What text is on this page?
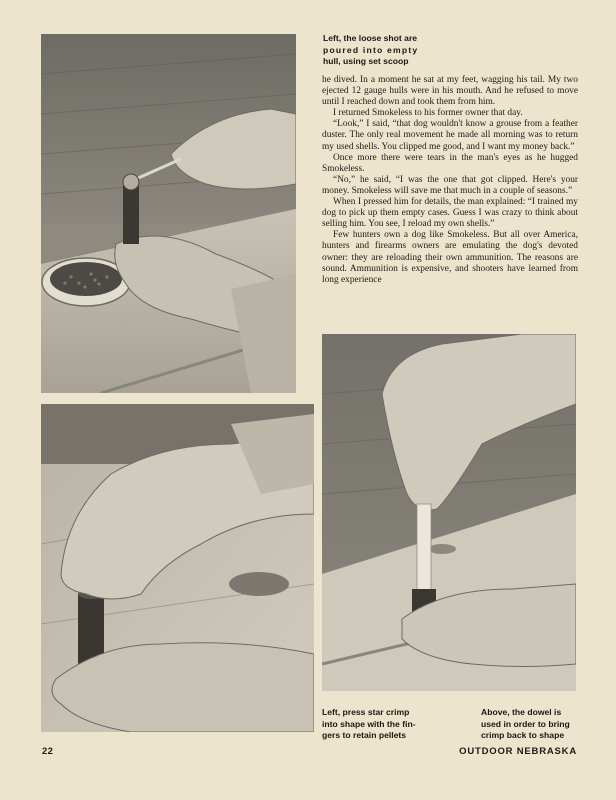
Left, the loose shot are
poured into empty
hull, using set scoop
Left, press star crimp
into shape with the fin-
gers to retain pellets
Above, the dowel is
used in order to bring
crimp back to shape

he dived. In a moment he sat at my feet, wagging his tail. My two ejected 12 gauge hulls were in his mouth. And he refused to move until I reached down and took them from him.

I returned Smokeless to his former owner that day.

“Look,” I said, “that dog wouldn't know a grouse from a feather duster. The only real movement he made all morning was to return my used shells. You clipped me good, and I want my money back.”

Once more there were tears in the man's eyes as he hugged Smokeless.

“No,” he said, “I was the one that got clipped. Here's your money. Smokeless will save me that much in a couple of seasons.”

When I pressed him for details, the man explained: “I trained my dog to pick up them empty cases. Guess I was crazy to think about selling him. You see, I reload my own shells.”

Few hunters own a dog like Smokeless. But all over America, hunters and firearms owners are emulating the dog's devoted owner: they are reloading their own ammunition. The reasons are sound. Ammunition is expensive, and shooters have learned from long experience

22	OUTDOOR NEBRASKA
